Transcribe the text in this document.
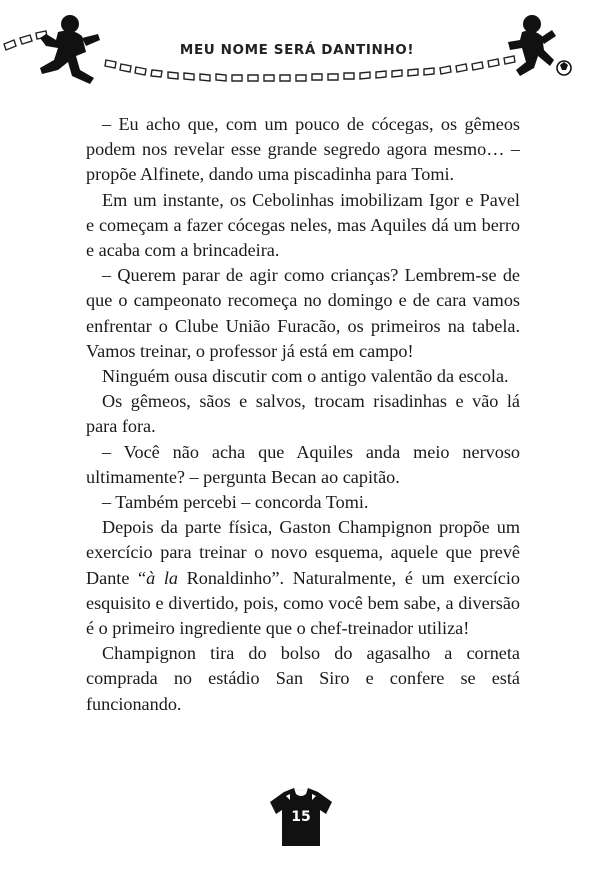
MEU NOME SERÁ DANTINHO!

– Eu acho que, com um pouco de cócegas, os gêmeos podem nos revelar esse grande segredo agora mesmo… – propõe Alfinete, dando uma piscadinha para Tomi.

Em um instante, os Cebolinhas imobilizam Igor e Pavel e começam a fazer cócegas neles, mas Aquiles dá um berro e acaba com a brincadeira.

– Querem parar de agir como crianças? Lembrem-se de que o campeonato recomeça no domingo e de cara vamos enfrentar o Clube União Furacão, os primeiros na tabela. Vamos treinar, o professor já está em campo!

Ninguém ousa discutir com o antigo valentão da escola.

Os gêmeos, sãos e salvos, trocam risadinhas e vão lá para fora.

– Você não acha que Aquiles anda meio nervoso ultimamente? – pergunta Becan ao capitão.

– Também percebi – concorda Tomi.

Depois da parte física, Gaston Champignon propõe um exercício para treinar o novo esquema, aquele que prevê Dante “à la Ronaldinho”. Naturalmente, é um exercício esquisito e divertido, pois, como você bem sabe, a diversão é o primeiro ingrediente que o chef-treinador utiliza!

Champignon tira do bolso do agasalho a corneta comprada no estádio San Siro e confere se está funcionando.

15
